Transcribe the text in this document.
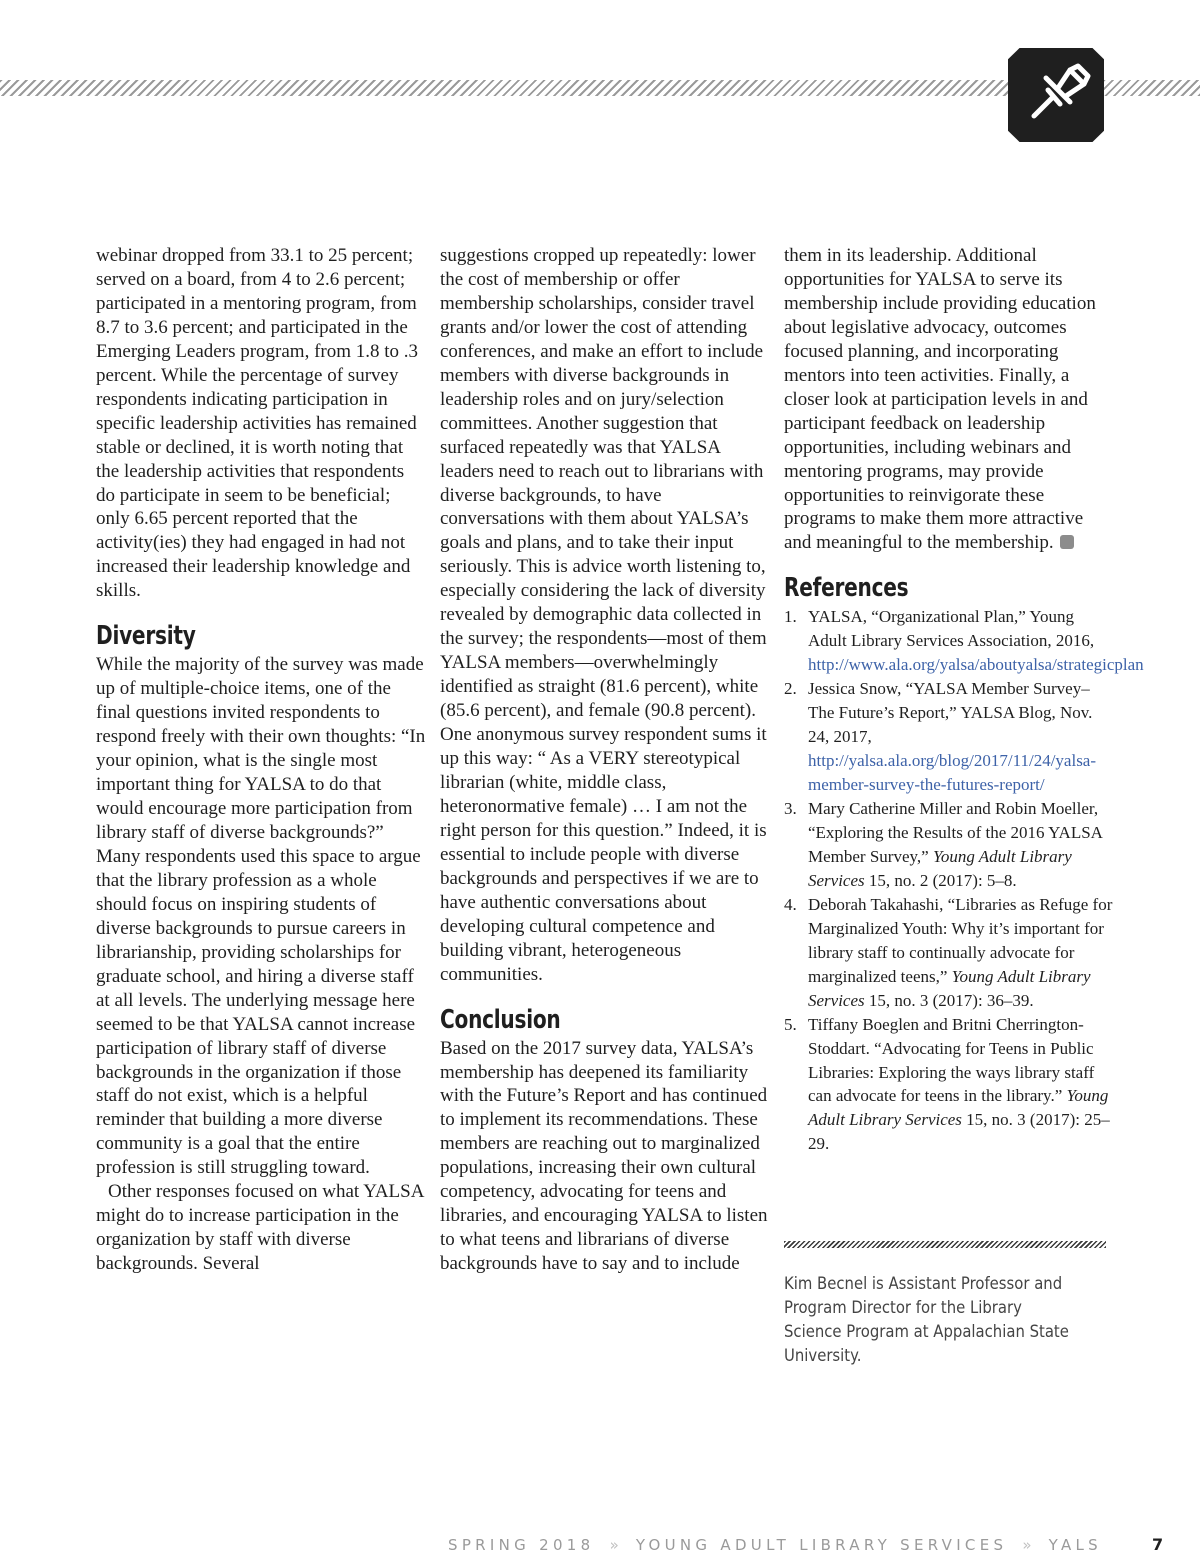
webinar dropped from 33.1 to 25 percent; served on a board, from 4 to 2.6 percent; participated in a mentoring program, from 8.7 to 3.6 percent; and participated in the Emerging Leaders program, from 1.8 to .3 percent. While the percentage of survey respondents indicating participation in specific leadership activities has remained stable or declined, it is worth noting that the leadership activities that respondents do participate in seem to be beneficial; only 6.65 percent reported that the activity(ies) they had engaged in had not increased their leadership knowledge and skills.

Diversity

While the majority of the survey was made up of multiple-choice items, one of the final questions invited respondents to respond freely with their own thoughts: “In your opinion, what is the single most important thing for YALSA to do that would encourage more participation from library staff of diverse backgrounds?” Many respondents used this space to argue that the library profession as a whole should focus on inspiring students of diverse backgrounds to pursue careers in librarianship, providing scholarships for graduate school, and hiring a diverse staff at all levels. The underlying message here seemed to be that YALSA cannot increase participation of library staff of diverse backgrounds in the organization if those staff do not exist, which is a helpful reminder that building a more diverse community is a goal that the entire profession is still struggling toward.

Other responses focused on what YALSA might do to increase participation in the organization by staff with diverse backgrounds. Several

suggestions cropped up repeatedly: lower the cost of membership or offer membership scholarships, consider travel grants and/or lower the cost of attending conferences, and make an effort to include members with diverse backgrounds in leadership roles and on jury/selection committees. Another suggestion that surfaced repeatedly was that YALSA leaders need to reach out to librarians with diverse backgrounds, to have conversations with them about YALSA’s goals and plans, and to take their input seriously. This is advice worth listening to, especially considering the lack of diversity revealed by demographic data collected in the survey; the respondents—most of them YALSA members—overwhelmingly identified as straight (81.6 percent), white (85.6 percent), and female (90.8 percent). One anonymous survey respondent sums it up this way: “ As a VERY stereotypical librarian (white, middle class, heteronormative female) … I am not the right person for this question.” Indeed, it is essential to include people with diverse backgrounds and perspectives if we are to have authentic conversations about developing cultural competence and building vibrant, heterogeneous communities.

Conclusion

Based on the 2017 survey data, YALSA’s membership has deepened its familiarity with the Future’s Report and has continued to implement its recommendations. These members are reaching out to marginalized populations, increasing their own cultural competency, advocating for teens and libraries, and encouraging YALSA to listen to what teens and librarians of diverse backgrounds have to say and to include

them in its leadership. Additional opportunities for YALSA to serve its membership include providing education about legislative advocacy, outcomes focused planning, and incorporating mentors into teen activities. Finally, a closer look at participation levels in and participant feedback on leadership opportunities, including webinars and mentoring programs, may provide opportunities to reinvigorate these programs to make them more attractive and meaningful to the membership.

References
1. YALSA, “Organizational Plan,” Young Adult Library Services Association, 2016, http://www.ala.org/yalsa/aboutyalsa/strategicplan
2. Jessica Snow, “YALSA Member Survey–The Future’s Report,” YALSA Blog, Nov. 24, 2017, http://yalsa.ala.org/blog/2017/11/24/yalsa-member-survey-the-futures-report/
3. Mary Catherine Miller and Robin Moeller, “Exploring the Results of the 2016 YALSA Member Survey,” Young Adult Library Services 15, no. 2 (2017): 5–8.
4. Deborah Takahashi, “Libraries as Refuge for Marginalized Youth: Why it’s important for library staff to continually advocate for marginalized teens,” Young Adult Library Services 15, no. 3 (2017): 36–39.
5. Tiffany Boeglen and Britni Cherrington-Stoddart. “Advocating for Teens in Public Libraries: Exploring the ways library staff can advocate for teens in the library.” Young Adult Library Services 15, no. 3 (2017): 25–29.
Kim Becnel is Assistant Professor and Program Director for the Library Science Program at Appalachian State University.
SPRING 2018 » YOUNG ADULT LIBRARY SERVICES » YALS	7
